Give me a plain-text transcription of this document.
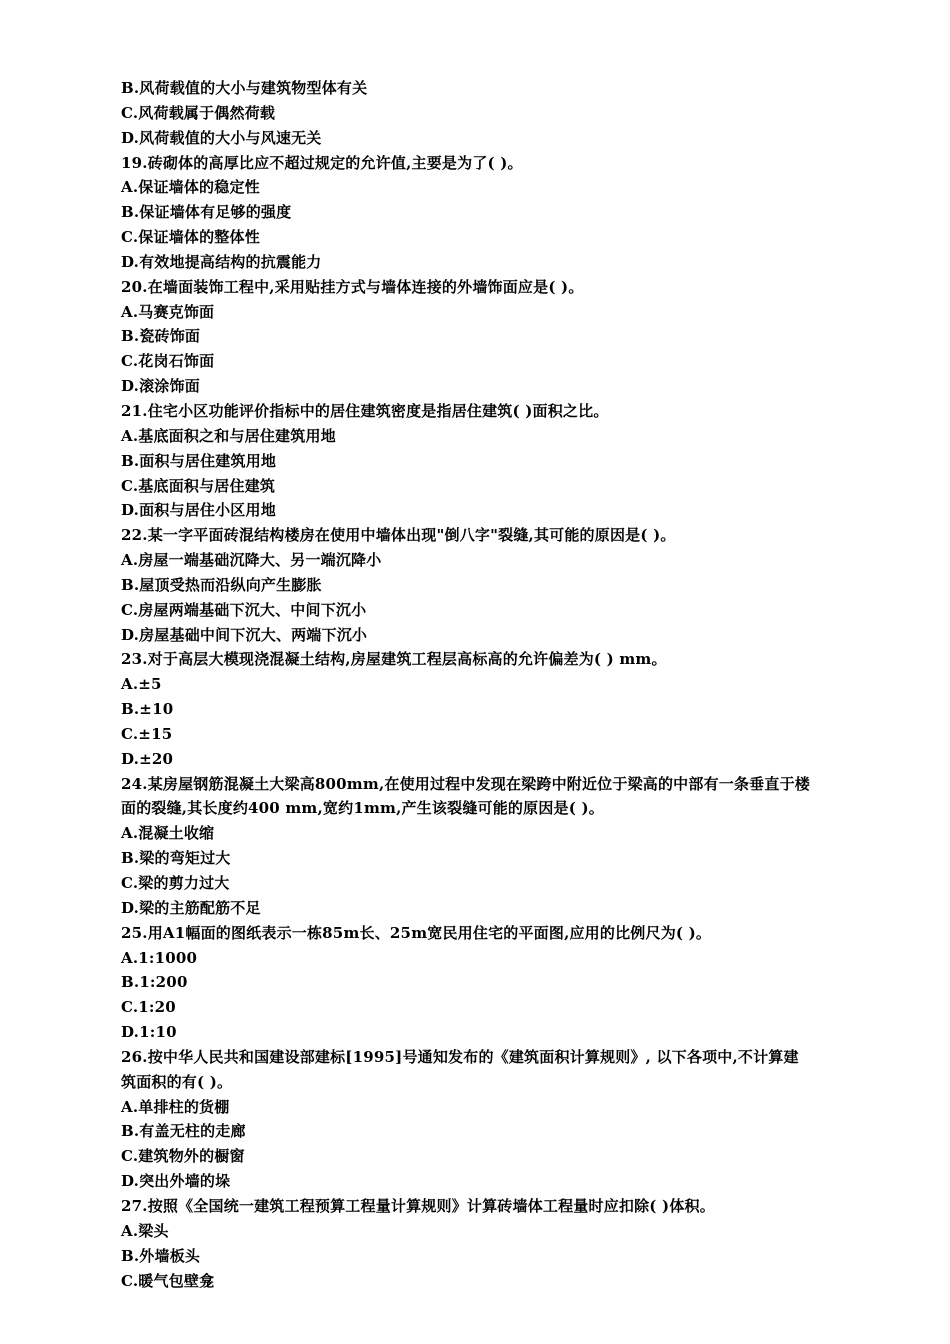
B.风荷载值的大小与建筑物型体有关
C.风荷载属于偶然荷载
D.风荷载值的大小与风速无关
19.砖砌体的高厚比应不超过规定的允许值,主要是为了( )。
A.保证墙体的稳定性
B.保证墙体有足够的强度
C.保证墙体的整体性
D.有效地提高结构的抗震能力
20.在墙面装饰工程中,采用贴挂方式与墙体连接的外墙饰面应是( )。
A.马赛克饰面
B.瓷砖饰面
C.花岗石饰面
D.滚涂饰面
21.住宅小区功能评价指标中的居住建筑密度是指居住建筑( )面积之比。
A.基底面积之和与居住建筑用地
B.面积与居住建筑用地
C.基底面积与居住建筑
D.面积与居住小区用地
22.某一字平面砖混结构楼房在使用中墙体出现"倒八字"裂缝,其可能的原因是( )。
A.房屋一端基础沉降大、另一端沉降小
B.屋顶受热而沿纵向产生膨胀
C.房屋两端基础下沉大、中间下沉小
D.房屋基础中间下沉大、两端下沉小
23.对于高层大模现浇混凝土结构,房屋建筑工程层高标高的允许偏差为( ) mm。
A.±5
B.±10
C.±15
D.±20
24.某房屋钢筋混凝土大梁高800mm,在使用过程中发现在梁跨中附近位于梁高的中部有一条垂直于楼
面的裂缝,其长度约400 mm,宽约1mm,产生该裂缝可能的原因是( )。
A.混凝土收缩
B.梁的弯矩过大
C.梁的剪力过大
D.梁的主筋配筋不足
25.用A1幅面的图纸表示一栋85m长、25m宽民用住宅的平面图,应用的比例尺为( )。
A.1:1000
B.1:200
C.1:20
D.1:10
26.按中华人民共和国建设部建标[1995]号通知发布的《建筑面积计算规则》, 以下各项中,不计算建
筑面积的有( )。
A.单排柱的货棚
B.有盖无柱的走廊
C.建筑物外的橱窗
D.突出外墙的垛
27.按照《全国统一建筑工程预算工程量计算规则》计算砖墙体工程量时应扣除( )体积。
A.梁头
B.外墙板头
C.暖气包壁龛
